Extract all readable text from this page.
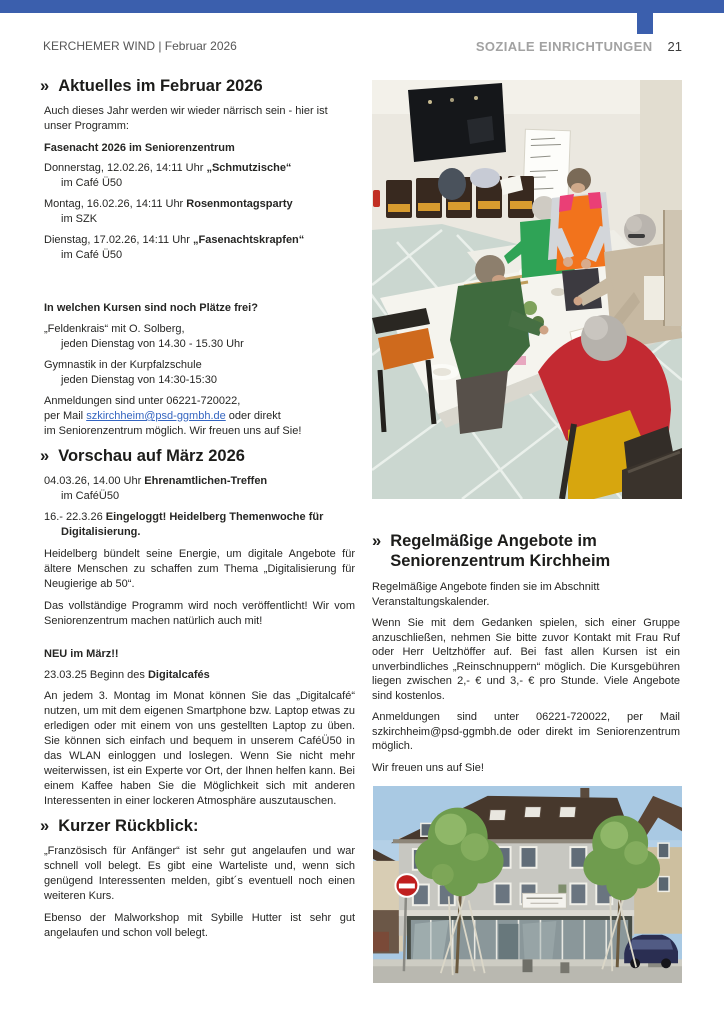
KERCHEMER WIND | Februar 2026	SOZIALE EINRICHTUNGEN 21
» Aktuelles im Februar 2026

Auch dieses Jahr werden wir wieder närrisch sein - hier ist unser Programm:

Fasenacht 2026 im Seniorenzentrum

Donnerstag, 12.02.26, 14:11 Uhr „Schmutzische“
im Café Ü50
Montag, 16.02.26, 14:11 Uhr Rosenmontagsparty
im SZK
Dienstag, 17.02.26, 14:11 Uhr „Fasenachtskrapfen“
im Café Ü50

In welchen Kursen sind noch Plätze frei?

„Feldenkrais“ mit O. Solberg,
jeden Dienstag von 14.30 - 15.30 Uhr
Gymnastik in der Kurpfalzschule
jeden Dienstag von 14:30-15:30
Anmeldungen sind unter 06221-720022,
per Mail szkirchheim@psd-ggmbh.de oder direkt
im Seniorenzentrum möglich. Wir freuen uns auf Sie!
» Vorschau auf März 2026
04.03.26, 14.00 Uhr Ehrenamtlichen-Treffen
im CaféÜ50
16.- 22.3.26 Eingeloggt! Heidelberg Themenwoche für Digitalisierung.

Heidelberg bündelt seine Energie, um digitale Angebote für ältere Menschen zu schaffen zum Thema „Digitalisierung für Neugierige ab 50“.

Das vollständige Programm wird noch veröffentlicht! Wir vom Seniorenzentrum machen natürlich auch mit!

NEU im März!!

23.03.25 Beginn des Digitalcafés

An jedem 3. Montag im Monat können Sie das „Digitalcafé“ nutzen, um mit dem eigenen Smartphone bzw. Laptop etwas zu erledigen oder mit einem von uns gestellten Laptop zu üben. Sie können sich einfach und bequem in unserem CaféÜ50 in das WLAN einloggen und loslegen. Wenn Sie nicht mehr weiterwissen, ist ein Experte vor Ort, der Ihnen helfen kann. Bei einem Kaffee haben Sie die Möglichkeit sich mit anderen Interessenten in einer lockeren Atmosphäre auszutauschen.

» Kurzer Rückblick:

„Französisch für Anfänger“ ist sehr gut angelaufen und war schnell voll belegt. Es gibt eine Warteliste und, wenn sich genügend Interessenten melden, gibt´s eventuell noch einen weiteren Kurs.

Ebenso der Malworkshop mit Sybille Hutter ist sehr gut angelaufen und schon voll belegt.

» Regelmäßige Angebote im Seniorenzentrum Kirchheim

Regelmäßige Angebote finden sie im Abschnitt Veranstaltungskalender.

Wenn Sie mit dem Gedanken spielen, sich einer Gruppe anzuschließen, nehmen Sie bitte zuvor Kontakt mit Frau Ruf oder Herr Ueltzhöffer auf. Bei fast allen Kursen ist ein unverbindliches „Reinschnuppern“ möglich. Die Kursgebühren liegen zwischen 2,- € und 3,- € pro Stunde. Viele Angebote sind kostenlos.

Anmeldungen sind unter 06221-720022, per Mail szkirchheim@psd-ggmbh.de oder direkt im Seniorenzentrum möglich.

Wir freuen uns auf Sie!
